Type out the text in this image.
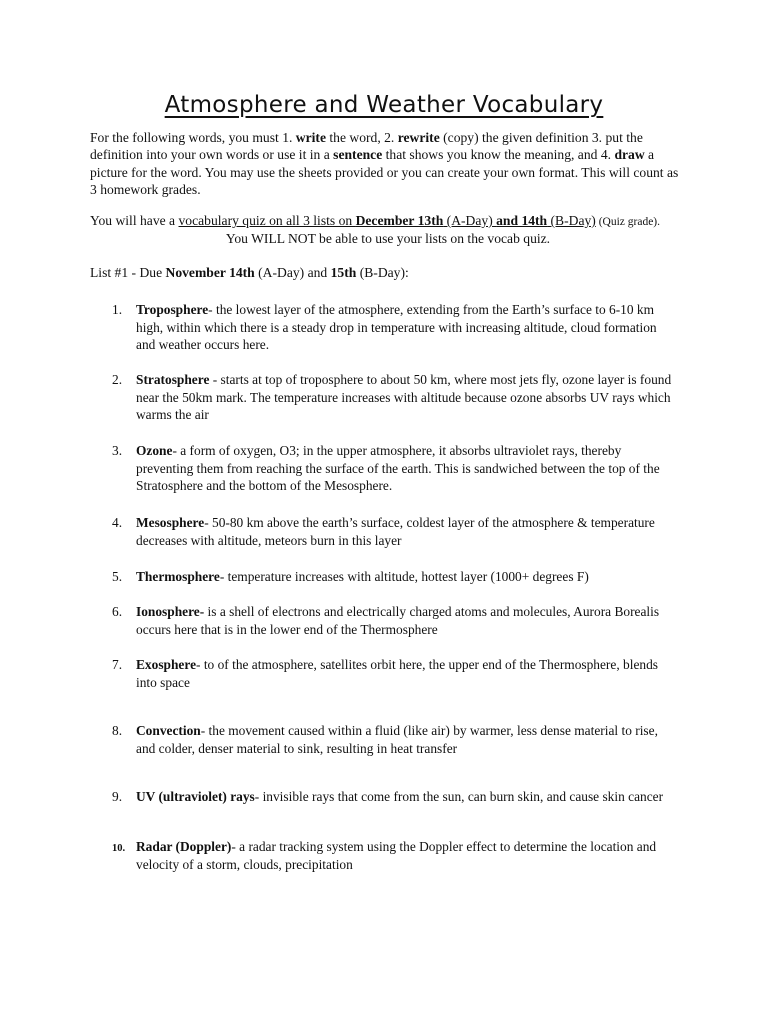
Atmosphere and Weather Vocabulary
For the following words, you must 1. write the word, 2. rewrite (copy) the given definition 3. put the definition into your own words or use it in a sentence that shows you know the meaning, and 4. draw a picture for the word. You may use the sheets provided or you can create your own format. This will count as 3 homework grades.
You will have a vocabulary quiz on all 3 lists on December 13th (A-Day) and 14th (B-Day) (Quiz grade).
You WILL NOT be able to use your lists on the vocab quiz.
List #1 - Due November 14th (A-Day) and 15th (B-Day):
1.	Troposphere- the lowest layer of the atmosphere, extending from the Earth’s surface to 6-10 km high, within which there is a steady drop in temperature with increasing altitude, cloud formation and weather occurs here.
2.	Stratosphere - starts at top of troposphere to about 50 km, where most jets fly, ozone layer is found near the 50km mark. The temperature increases with altitude because ozone absorbs UV rays which warms the air
3.	Ozone- a form of oxygen, O3; in the upper atmosphere, it absorbs ultraviolet rays, thereby preventing them from reaching the surface of the earth. This is sandwiched between the top of the Stratosphere and the bottom of the Mesosphere.
4.	Mesosphere- 50-80 km above the earth’s surface, coldest layer of the atmosphere & temperature decreases with altitude, meteors burn in this layer
5.	Thermosphere- temperature increases with altitude, hottest layer (1000+ degrees F)
6.	Ionosphere- is a shell of electrons and electrically charged atoms and molecules, Aurora Borealis occurs here that is in the lower end of the Thermosphere
7.	Exosphere- to of the atmosphere, satellites orbit here, the upper end of the Thermosphere, blends into space
8.	Convection- the movement caused within a fluid (like air) by warmer, less dense material to rise, and colder, denser material to sink, resulting in heat transfer
9.	UV (ultraviolet) rays- invisible rays that come from the sun, can burn skin, and cause skin cancer
10. Radar (Doppler)- a radar tracking system using the Doppler effect to determine the location and velocity of a storm, clouds, precipitation
